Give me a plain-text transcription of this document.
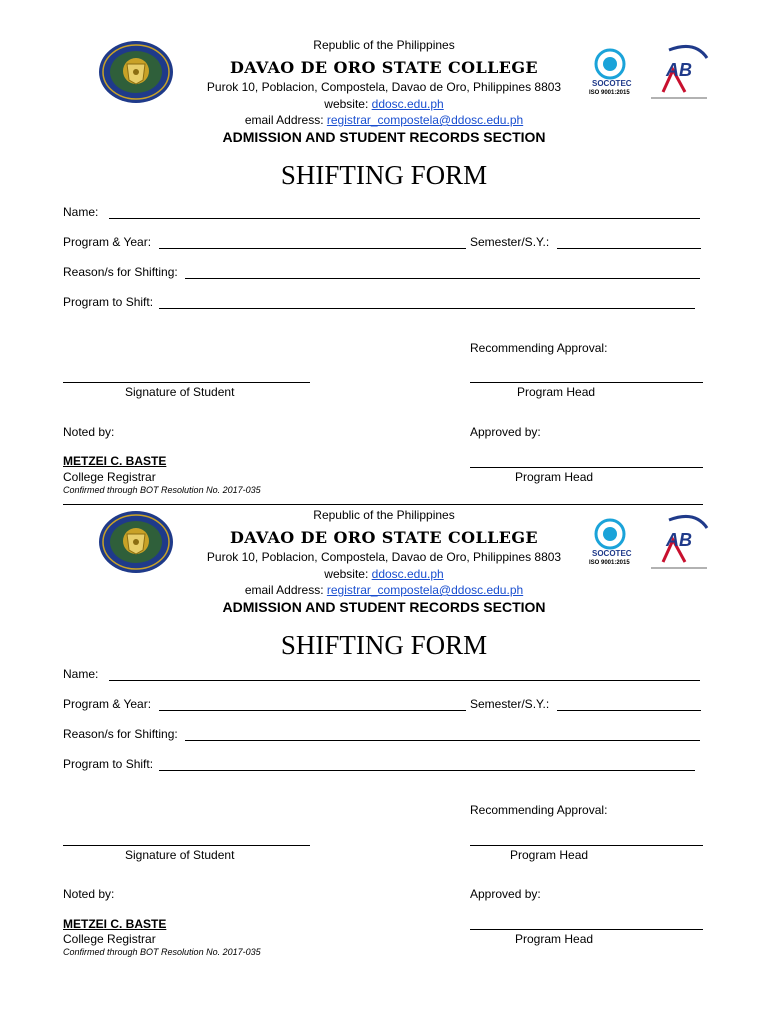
Republic of the Philippines
DAVAO DE ORO STATE COLLEGE
Purok 10, Poblacion, Compostela, Davao de Oro, Philippines 8803
website: ddosc.edu.ph
email Address: registrar_compostela@ddosc.edu.ph
ADMISSION AND STUDENT RECORDS SECTION
SOCOTEC
ISO 9001:2015
AB
SHIFTING FORM
Name:
Program & Year:	Semester/S.Y.:
Reason/s for Shifting:
Program to Shift:
Recommending Approval:
Signature of Student	Program Head
Noted by:	Approved by:
METZEI C. BASTE
College Registrar
Confirmed through BOT Resolution No. 2017-035
Program Head
Republic of the Philippines
DAVAO DE ORO STATE COLLEGE
Purok 10, Poblacion, Compostela, Davao de Oro, Philippines 8803
website: ddosc.edu.ph
email Address: registrar_compostela@ddosc.edu.ph
ADMISSION AND STUDENT RECORDS SECTION
SOCOTEC
ISO 9001:2015
AB
SHIFTING FORM
Name:
Program & Year:	Semester/S.Y.:
Reason/s for Shifting:
Program to Shift:
Recommending Approval:
Signature of Student	Program Head
Noted by:	Approved by:
METZEI C. BASTE
College Registrar
Confirmed through BOT Resolution No. 2017-035
Program Head
